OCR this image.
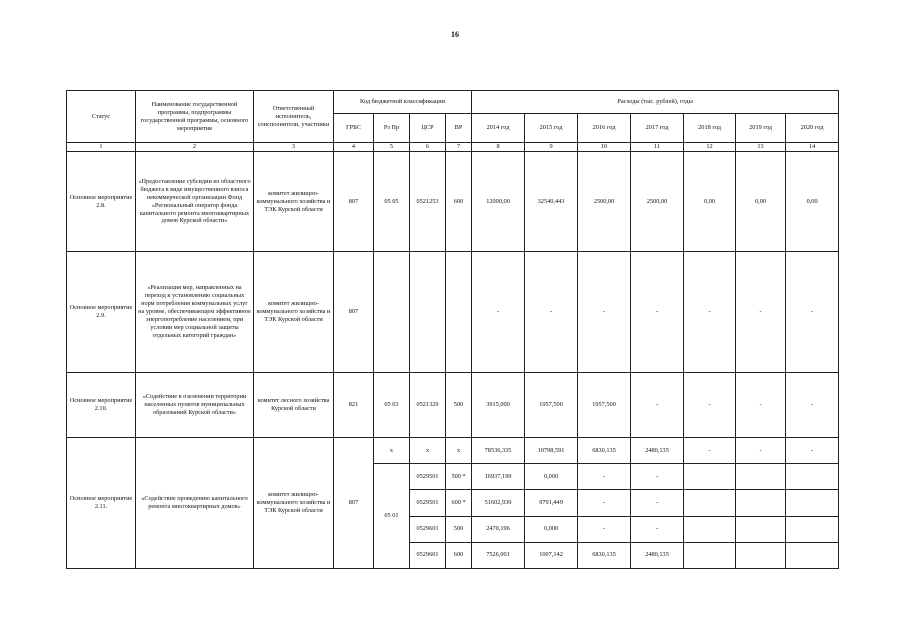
16
Статус	Наименование государственной программы, подпрограммы государственной программы, основного мероприятия	Ответственный исполнитель, соисполнители, участники	Код бюджетной классификации				Расходы (тыс. рублей), годы						
			ГРБС	Рз Пр	ЦСР	ВР	2014 год	2015 год	2016 год	2017 год	2018 год	2019 год	2020 год
1	2	3	4	5	6	7	8	9	10	11	12	13	14
Основное мероприятие 2.8.	«Предоставление субсидии из областного бюджета в виде имущественного взноса некоммерческой организации Фонд «Региональный оператор фонда капитального ремонта многоквартирных домов Курской области»	комитет жилищно-коммунального хозяйства и ТЭК Курской области	807	05 05	0521253	600	12000,00	32540,443	2500,00	2500,00	0,00	0,00	0,00
Основное мероприятие 2.9.	«Реализация мер, направленных на переход к установлению социальных норм потребления коммунальных услуг на уровне, обеспечивающем эффективное энергопотребление населением, при условии мер социальной защиты отдельных категорий граждан»	комитет жилищно-коммунального хозяйства и ТЭК Курской области	807				-	-	-	-	-	-	-
Основное мероприятие 2.10.	«Содействие в озеленении территории населенных пунктов муниципальных образований Курской области»	комитет лесного хозяйства Курской области	821	05 03	0521329	500	3915,000	1957,500	1957,500	-	-	-	-
Основное мероприятие 2.11.	«Содействие проведению капитального ремонта многоквартирных домов»	комитет жилищно-коммунального хозяйства и ТЭК Курской области	807	х	х	х	78536,335	10798,591	6830,135	2480,135	-	-	-
				05 01	0529501	500 *	16937,199	0,000	-	-			
					0529501	600 *	51602,939	9791,449	-	-			
					0529601	500	2470,196	0,000	-	-			
					0529601	600	7526,001	1007,142	6830,135	2480,135			
